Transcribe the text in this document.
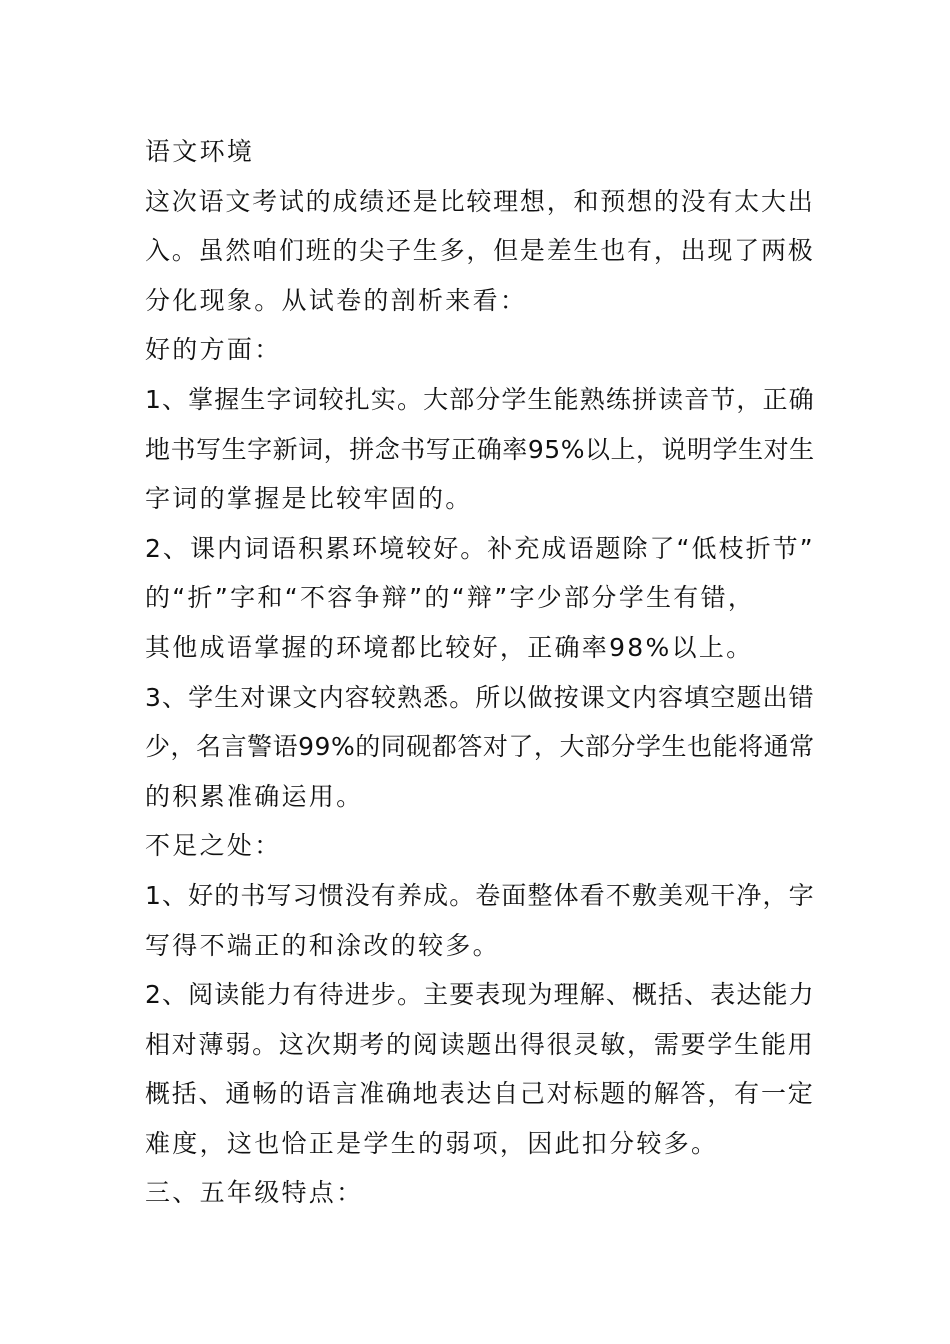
语文环境
这次语文考试的成绩还是比较理想，和预想的没有太大出
入。虽然咱们班的尖子生多，但是差生也有，出现了两极
分化现象。从试卷的剖析来看：
好的方面：
1、掌握生字词较扎实。大部分学生能熟练拼读音节，正确
地书写生字新词，拼念书写正确率95%以上，说明学生对生
字词的掌握是比较牢固的。
2、课内词语积累环境较好。补充成语题除了“低枝折节”
的“折”字和“不容争辩”的“辩”字少部分学生有错，
其他成语掌握的环境都比较好，正确率98%以上。
3、学生对课文内容较熟悉。所以做按课文内容填空题出错
少，名言警语99%的同砚都答对了，大部分学生也能将通常
的积累准确运用。
不足之处：
1、好的书写习惯没有养成。卷面整体看不敷美观干净，字
写得不端正的和涂改的较多。
2、阅读能力有待进步。主要表现为理解、概括、表达能力
相对薄弱。这次期考的阅读题出得很灵敏，需要学生能用
概括、通畅的语言准确地表达自己对标题的解答，有一定
难度，这也恰正是学生的弱项，因此扣分较多。
三、五年级特点：
